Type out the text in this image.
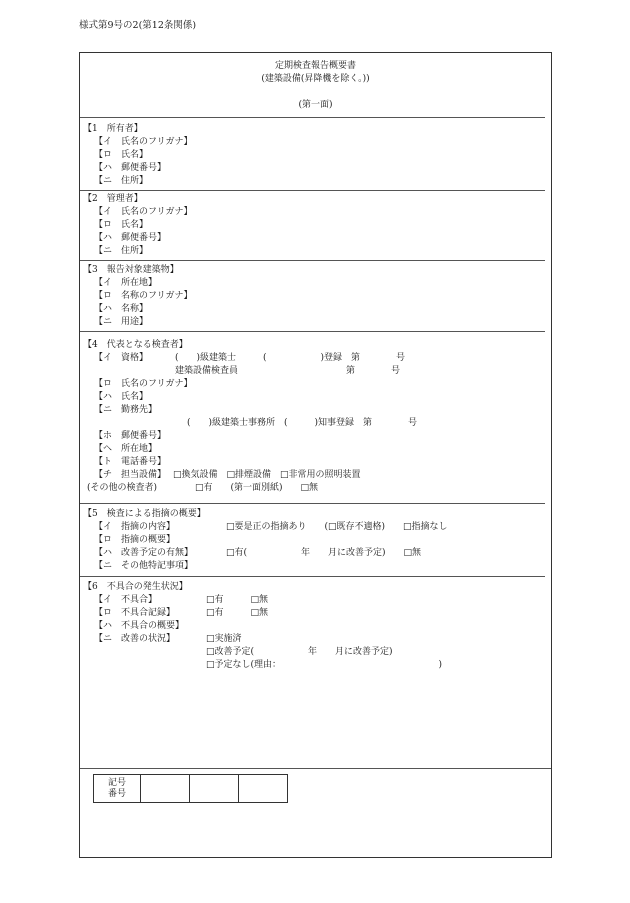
様式第9号の2(第12条関係)
定期検査報告概要書
(建築設備(昇降機を除く。))
(第一面)
【1　所有者】
【イ　氏名のフリガナ】
【ロ　氏名】
【ハ　郵便番号】
【ニ　住所】
【2　管理者】
【イ　氏名のフリガナ】
【ロ　氏名】
【ハ　郵便番号】
【ニ　住所】
【3　報告対象建築物】
【イ　所在地】
【ロ　名称のフリガナ】
【ハ　名称】
【ニ　用途】
【4　代表となる検査者】
【イ　資格】	(　　)級建築士　　　(　　　　　　)登録　第　　　　号
建築設備検査員　　　　　　　　　　　　第　　　　号
【ロ　氏名のフリガナ】
【ハ　氏名】
【ニ　勤務先】
(　　)級建築士事務所　(　　　)知事登録　第　　　　号
【ホ　郵便番号】
【ヘ　所在地】
【ト　電話番号】
【チ　担当設備】 □換気設備　□排煙設備　□非常用の照明装置
(その他の検査者)	□有　　(第一面別紙)　　□無
【5　検査による指摘の概要】
【イ　指摘の内容】	□要是正の指摘あり　　(□既存不適格)　　□指摘なし
【ロ　指摘の概要】
【ハ　改善予定の有無】	□有(　　　　　　年　　月に改善予定)　　□無
【ニ　その他特記事項】
【6　不具合の発生状況】
【イ　不具合】	□有　　　□無
【ロ　不具合記録】	□有　　　□無
【ハ　不具合の概要】
【ニ　改善の状況】	□実施済
□改善予定(　　　　　　年　　月に改善予定)
□予定なし(理由：　　　　　　　　　　　　　　　　　　)
記号
番号			
